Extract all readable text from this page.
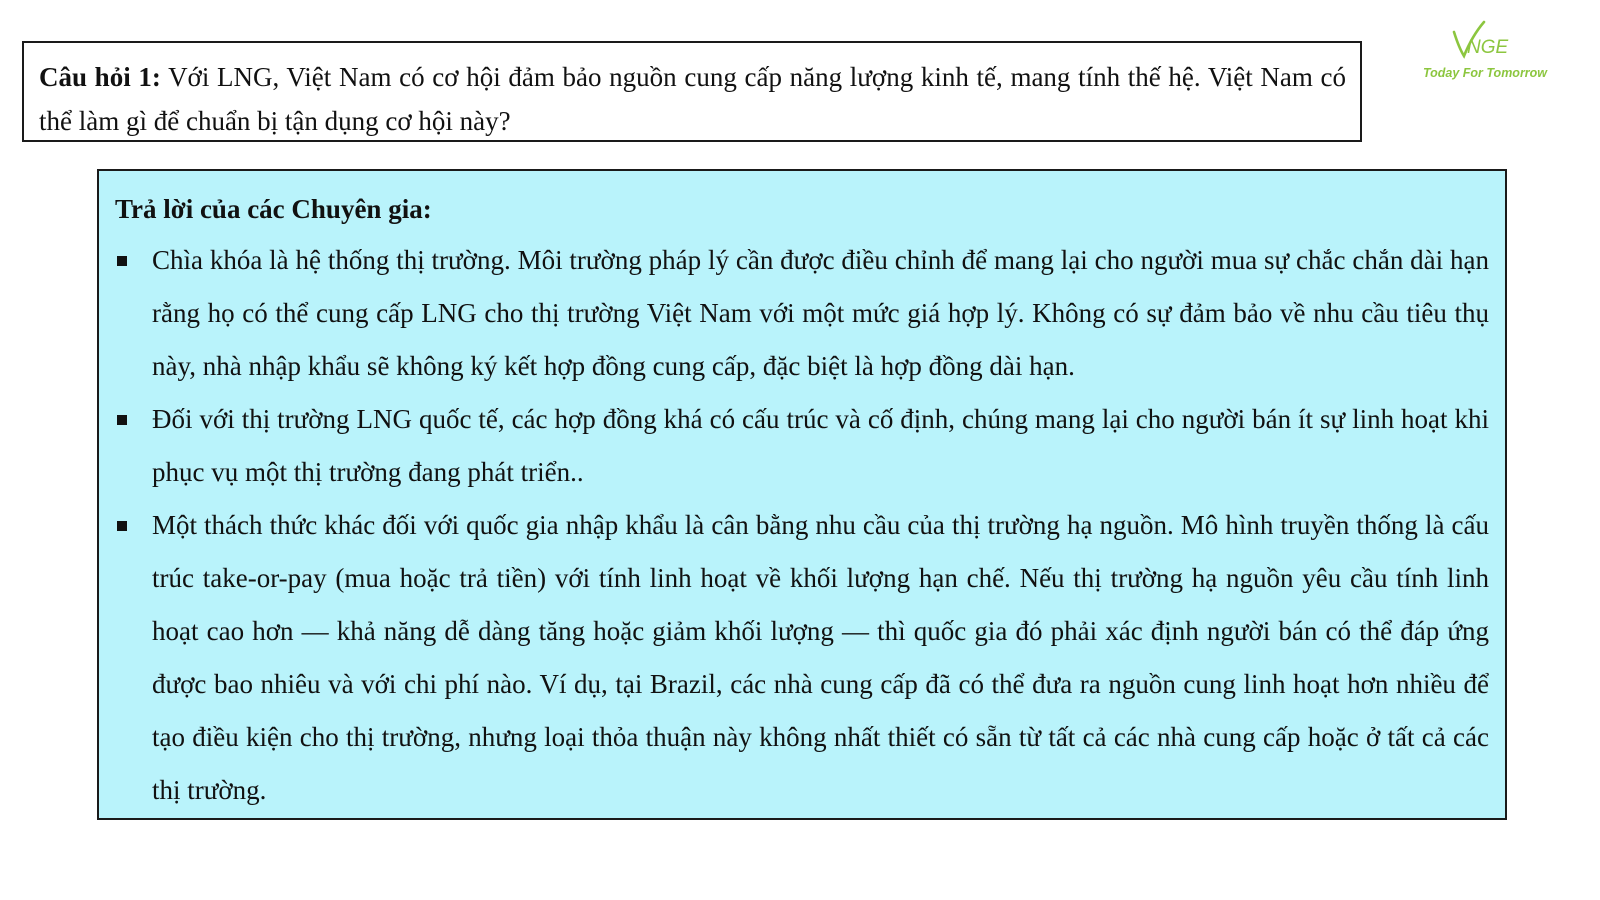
NGE
Today For Tomorrow
Câu hỏi 1: Với LNG, Việt Nam có cơ hội đảm bảo nguồn cung cấp năng lượng kinh tế, mang tính thế hệ. Việt Nam có thể làm gì để chuẩn bị tận dụng cơ hội này?
Trả lời của các Chuyên gia:
Chìa khóa là hệ thống thị trường. Môi trường pháp lý cần được điều chỉnh để mang lại cho người mua sự chắc chắn dài hạn rằng họ có thể cung cấp LNG cho thị trường Việt Nam với một mức giá hợp lý. Không có sự đảm bảo về nhu cầu tiêu thụ này, nhà nhập khẩu sẽ không ký kết hợp đồng cung cấp, đặc biệt là hợp đồng dài hạn.
Đối với thị trường LNG quốc tế, các hợp đồng khá có cấu trúc và cố định, chúng mang lại cho người bán ít sự linh hoạt khi phục vụ một thị trường đang phát triển..
Một thách thức khác đối với quốc gia nhập khẩu là cân bằng nhu cầu của thị trường hạ nguồn. Mô hình truyền thống là cấu trúc take-or-pay (mua hoặc trả tiền) với tính linh hoạt về khối lượng hạn chế. Nếu thị trường hạ nguồn yêu cầu tính linh hoạt cao hơn — khả năng dễ dàng tăng hoặc giảm khối lượng — thì quốc gia đó phải xác định người bán có thể đáp ứng được bao nhiêu và với chi phí nào. Ví dụ, tại Brazil, các nhà cung cấp đã có thể đưa ra nguồn cung linh hoạt hơn nhiều để tạo điều kiện cho thị trường, nhưng loại thỏa thuận này không nhất thiết có sẵn từ tất cả các nhà cung cấp hoặc ở tất cả các thị trường.
